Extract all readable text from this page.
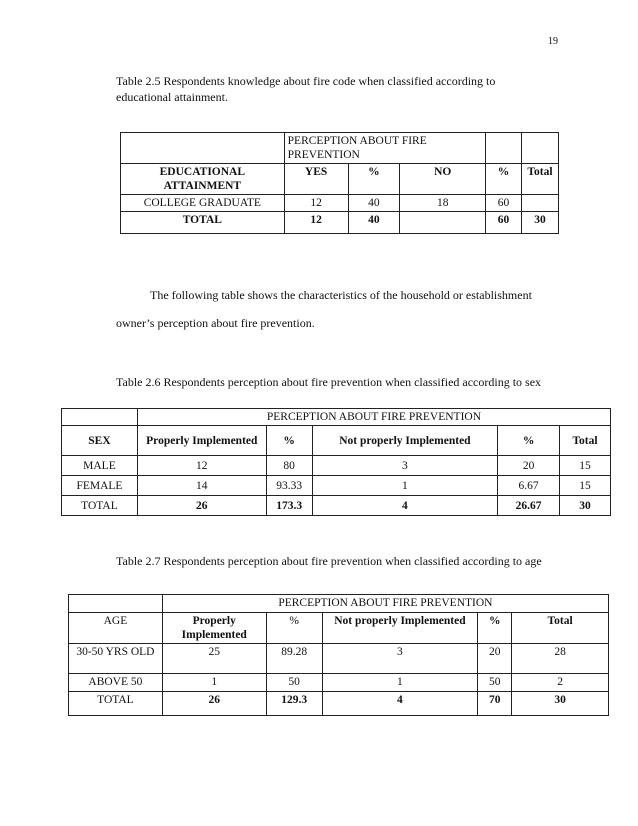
19
Table 2.5 Respondents knowledge about fire code when classified according to
educational attainment.
	PERCEPTION ABOUT FIRE PREVENTION				
EDUCATIONAL ATTAINMENT	YES	%	NO	%	Total
COLLEGE GRADUATE	12	40	18	60	
TOTAL	12	40		60	30
The following table shows the characteristics of the household or establishment
owner’s perception about fire prevention.
Table 2.6 Respondents perception about fire prevention when classified according to sex
	PERCEPTION ABOUT FIRE PREVENTION				
SEX	Properly Implemented	%	Not properly Implemented	%	Total
MALE	12	80	3	20	15
FEMALE	14	93.33	1	6.67	15
TOTAL	26	173.3	4	26.67	30
Table 2.7 Respondents perception about fire prevention when classified according to age
	PERCEPTION ABOUT FIRE PREVENTION				
AGE	Properly Implemented	%	Not properly Implemented	%	Total
30-50 YRS OLD	25	89.28	3	20	28
ABOVE 50	1	50	1	50	2
TOTAL	26	129.3	4	70	30
